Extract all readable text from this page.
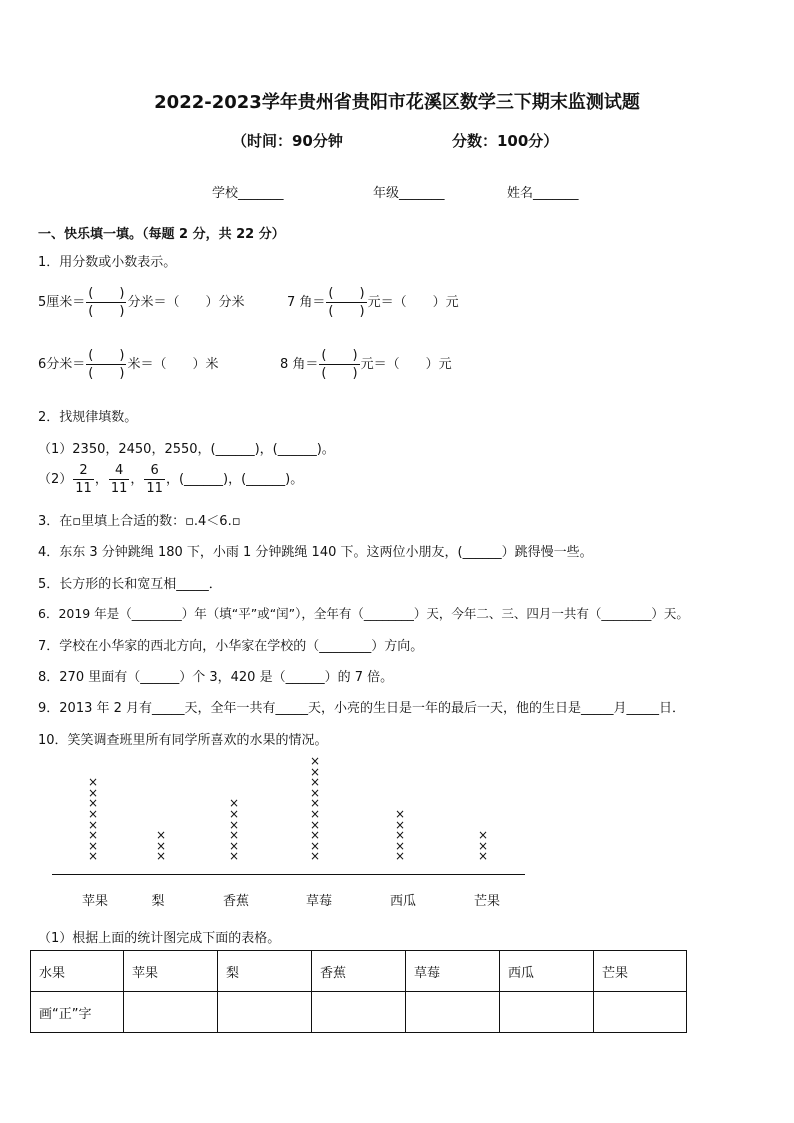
2022-2023学年贵州省贵阳市花溪区数学三下期末监测试题
（时间：90分钟	分数：100分）
学校_______	年级_______	姓名_______
一、快乐填一填。（每题 2 分，共 22 分）
1．用分数或小数表示。
5厘米＝ $\frac{( )}{( )}$ 分米＝（　　）分米	7 角＝ $\frac{( )}{( )}$ 元＝（　　）元
6分米＝ $\frac{( )}{( )}$ 米＝（　　）米	8 角＝ $\frac{( )}{( )}$ 元＝（　　）元
2．找规律填数。
（1）2350，2450，2550，(______)，(______)。
$(2) \frac{2}{11}$ ， $\frac{4}{11}$ ， $\frac{6}{11}$ ，(______)，(______)。
3．在▫里填上合适的数：▫.4＜6.▫
4．东东 3 分钟跳绳 180 下，小雨 1 分钟跳绳 140 下。这两位小朋友，(______）跳得慢一些。
5．长方形的长和宽互相_____．
6．2019 年是（________）年（填“平”或“闰”），全年有（________）天，今年二、三、四月一共有（________）天。
7．学校在小华家的西北方向，小华家在学校的（________）方向。
8．270 里面有（______）个 3，420 是（______）的 7 倍。
9．2013 年 2 月有_____天，全年一共有_____天，小亮的生日是一年的最后一天，他的生日是_____月_____日．
10．笑笑调查班里所有同学所喜欢的水果的情况。
×
×
×
×
×
×
×
×
苹果
×
×
×
梨
×
×
×
×
×
×
香蕉
×
×
×
×
×
×
×
×
×
×
草莓
×
×
×
×
×
西瓜
×
×
×
芒果
（1）根据上面的统计图完成下面的表格。
水果	苹果	梨	香蕉	草莓	西瓜	芒果
画“正”字						
